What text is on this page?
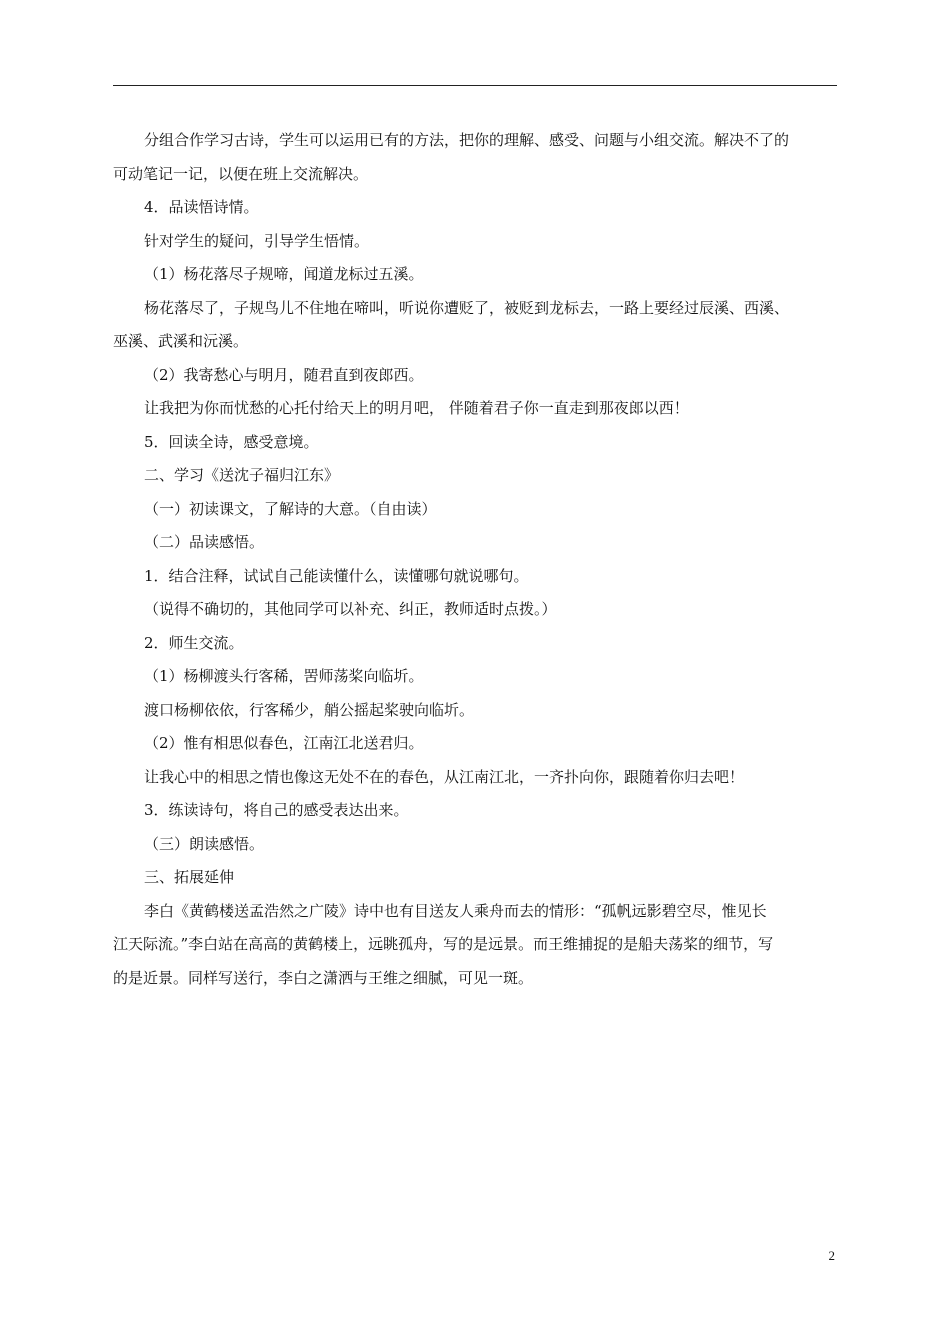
分组合作学习古诗，学生可以运用已有的方法，把你的理解、感受、问题与小组交流。解决不了的

可动笔记一记，以便在班上交流解决。

4．品读悟诗情。

针对学生的疑问，引导学生悟情。

（1）杨花落尽子规啼，闻道龙标过五溪。

杨花落尽了，子规鸟儿不住地在啼叫，听说你遭贬了，被贬到龙标去，一路上要经过辰溪、西溪、

巫溪、武溪和沅溪。

（2）我寄愁心与明月，随君直到夜郎西。

让我把为你而忧愁的心托付给天上的明月吧， 伴随着君子你一直走到那夜郎以西！

5．回读全诗，感受意境。

二、学习《送沈子福归江东》

（一）初读课文，了解诗的大意。（自由读）

（二）品读感悟。

1．结合注释，试试自己能读懂什么，读懂哪句就说哪句。

（说得不确切的，其他同学可以补充、纠正，教师适时点拨。）

2．师生交流。

（1）杨柳渡头行客稀，罟师荡桨向临圻。

渡口杨柳依依，行客稀少，艄公摇起桨驶向临圻。

（2）惟有相思似春色，江南江北送君归。

让我心中的相思之情也像这无处不在的春色，从江南江北，一齐扑向你，跟随着你归去吧！

3．练读诗句，将自己的感受表达出来。

（三）朗读感悟。

三、拓展延伸

李白《黄鹤楼送孟浩然之广陵》诗中也有目送友人乘舟而去的情形：“孤帆远影碧空尽，惟见长

江天际流。”李白站在高高的黄鹤楼上，远眺孤舟，写的是远景。而王维捕捉的是船夫荡桨的细节，写

的是近景。同样写送行，李白之潇洒与王维之细腻，可见一斑。

2
